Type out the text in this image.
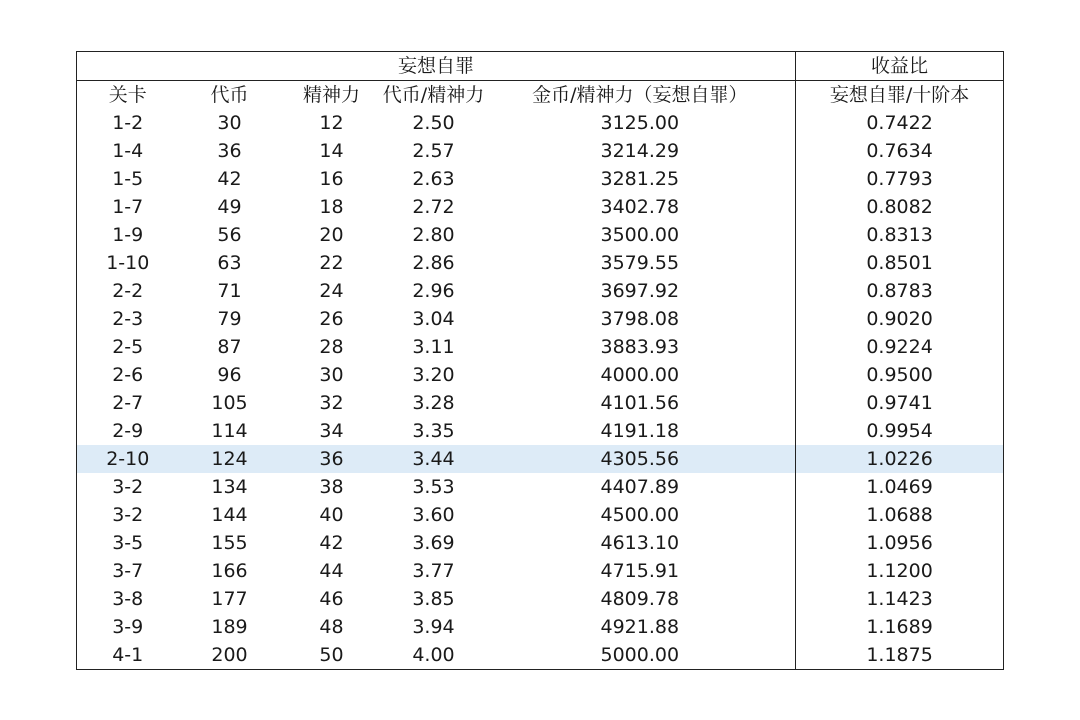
妄想自罪					收益比
关卡	代币	精神力	代币/精神力	金币/精神力（妄想自罪）	妄想自罪/十阶本
1-2	30	12	2.50	3125.00	0.7422
1-4	36	14	2.57	3214.29	0.7634
1-5	42	16	2.63	3281.25	0.7793
1-7	49	18	2.72	3402.78	0.8082
1-9	56	20	2.80	3500.00	0.8313
1-10	63	22	2.86	3579.55	0.8501
2-2	71	24	2.96	3697.92	0.8783
2-3	79	26	3.04	3798.08	0.9020
2-5	87	28	3.11	3883.93	0.9224
2-6	96	30	3.20	4000.00	0.9500
2-7	105	32	3.28	4101.56	0.9741
2-9	114	34	3.35	4191.18	0.9954
2-10	124	36	3.44	4305.56	1.0226
3-2	134	38	3.53	4407.89	1.0469
3-2	144	40	3.60	4500.00	1.0688
3-5	155	42	3.69	4613.10	1.0956
3-7	166	44	3.77	4715.91	1.1200
3-8	177	46	3.85	4809.78	1.1423
3-9	189	48	3.94	4921.88	1.1689
4-1	200	50	4.00	5000.00	1.1875
